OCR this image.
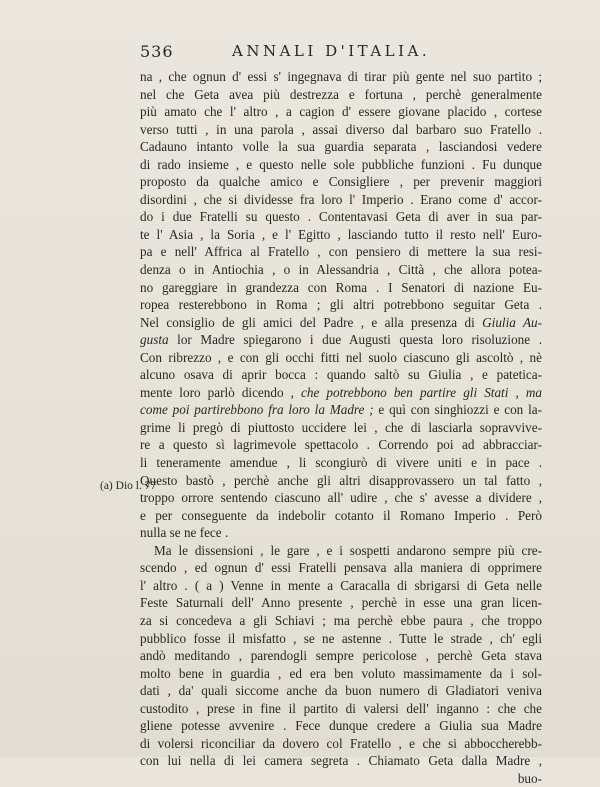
536	ANNALI D'ITALIA.
(a) Dio l. 77
na , che ognun d' essi s' ingegnava di tirar più gente nel suo partito ;
nel che Geta avea più destrezza e fortuna , perchè generalmente
più amato che l' altro , a cagion d' essere giovane placido , cortese
verso tutti , in una parola , assai diverso dal barbaro suo Fratello .
Cadauno intanto volle la sua guardia separata , lasciandosi vedere
di rado insieme , e questo nelle sole pubbliche funzioni . Fu dunque
proposto da qualche amico e Consigliere , per prevenir maggiori
disordini , che si dividesse fra loro l' Imperio . Erano come d' accor-
do i due Fratelli su questo . Contentavasi Geta di aver in sua par-
te l' Asia , la Soria , e l' Egitto , lasciando tutto il resto nell' Euro-
pa e nell' Affrica al Fratello , con pensiero di mettere la sua resi-
denza o in Antiochia , o in Alessandria , Città , che allora potea-
no gareggiare in grandezza con Roma . I Senatori di nazione Eu-
ropea resterebbono in Roma ; gli altri potrebbono seguitar Geta .
Nel consiglio de gli amici del Padre , e alla presenza di Giulia Au-
gusta lor Madre spiegarono i due Augusti questa loro risoluzione .
Con ribrezzo , e con gli occhi fitti nel suolo ciascuno gli ascoltò , nè
alcuno osava di aprir bocca : quando saltò su Giulia , e pateticа-
mente loro parlò dicendo , che potrebbono ben partire gli Stati , ma
come poi partirebbono fra loro la Madre ; e quì con singhiozzi e con la-
grime li pregò di piuttosto uccidere lei , che di lasciarla sopravvive-
re a questo sì lagrimevole spettacolo . Correndo poi ad abbracciar-
li teneramente amendue , li scongiurò di vivere uniti e in pace .
Questo bastò , perchè anche gli altri disapprovassero un tal fatto ,
troppo orrore sentendo ciascuno all' udire , che s' avesse a dividere ,
e per conseguente da indebolir cotanto il Romano Imperio . Però
nulla se ne fece .
Ma le dissensioni , le gare , e i sospetti andarono sempre più cre-
scendo , ed ognun d' essi Fratelli pensava alla maniera di opprimere
l' altro . ( a ) Venne in mente a Caracalla di sbrigarsi di Geta nelle
Feste Saturnali dell' Anno presente , perchè in esse una gran licen-
za si concedeva a gli Schiavi ; ma perchè ebbe paura , che troppo
pubblico fosse il misfatto , se ne astenne . Tutte le strade , ch' egli
andò meditando , parendogli sempre pericolose , perchè Geta stava
molto bene in guardia , ed era ben voluto massimamente da i sol-
dati , da' quali siccome anche da buon numero di Gladiatori veniva
custodito , prese in fine il partito di valersi dell' inganno : che che
gliene potesse avvenire . Fece dunque credere a Giulia sua Madre
di volersi riconciliar da dovero col Fratello , e che si abboccherebb-
con lui nella di lei camera segreta . Chiamato Geta dalla Madre ,
buo-
